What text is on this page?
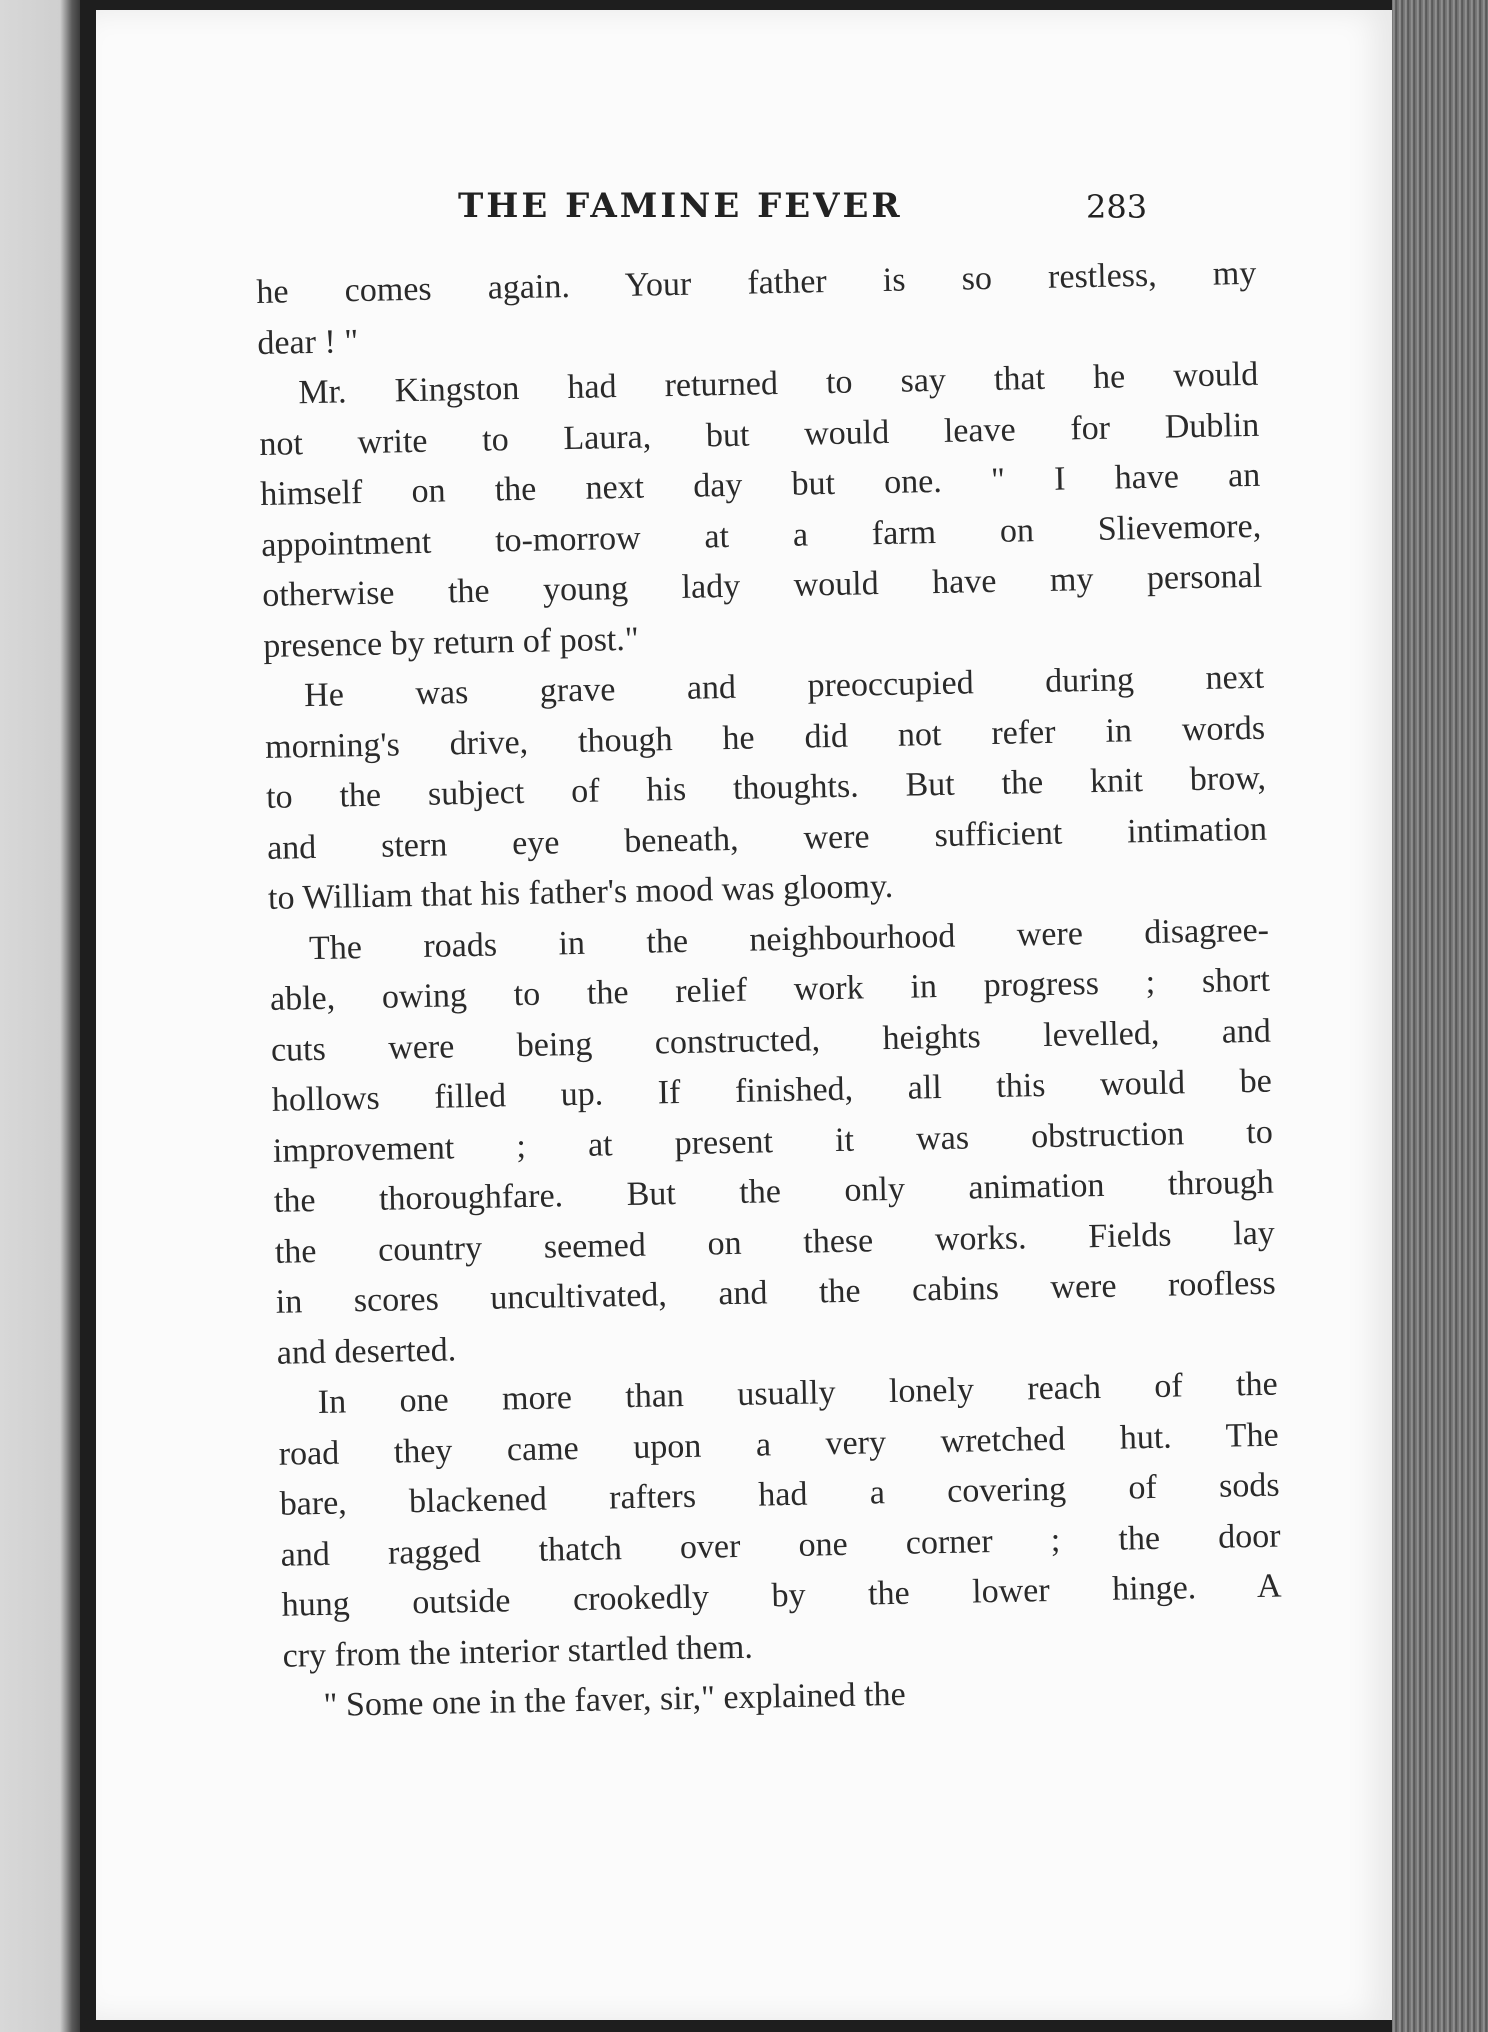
THE FAMINE FEVER	283
he comes again. Your father is so restless, my
dear ! "
Mr. Kingston had returned to say that he would
not write to Laura, but would leave for Dublin
himself on the next day but one. " I have an
appointment to-morrow at a farm on Slievemore,
otherwise the young lady would have my personal
presence by return of post."
He was grave and preoccupied during next
morning's drive, though he did not refer in words
to the subject of his thoughts. But the knit brow,
and stern eye beneath, were sufficient intimation
to William that his father's mood was gloomy.
The roads in the neighbourhood were disagree-
able, owing to the relief work in progress ; short
cuts were being constructed, heights levelled, and
hollows filled up. If finished, all this would be
improvement ; at present it was obstruction to
the thoroughfare. But the only animation through
the country seemed on these works. Fields lay
in scores uncultivated, and the cabins were roofless
and deserted.
In one more than usually lonely reach of the
road they came upon a very wretched hut. The
bare, blackened rafters had a covering of sods
and ragged thatch over one corner ; the door
hung outside crookedly by the lower hinge. A
cry from the interior startled them.
" Some one in the faver, sir," explained the
